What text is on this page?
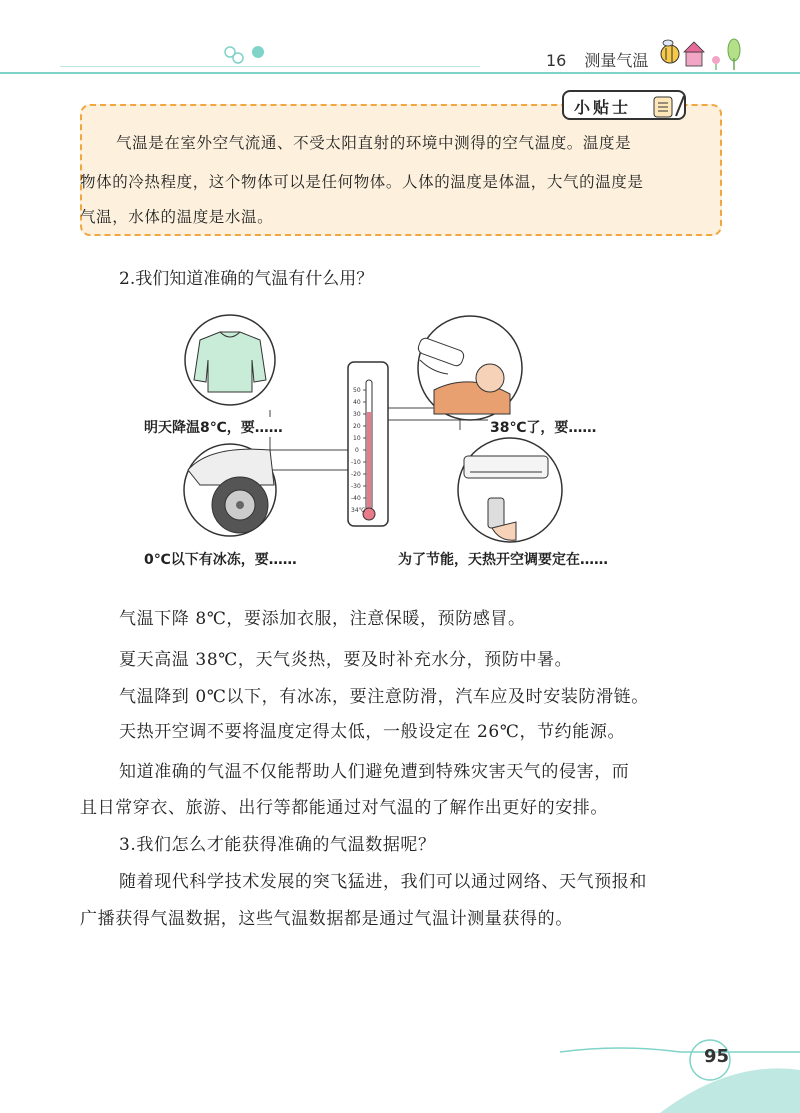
16 测量气温
小贴士
气温是在室外空气流通、不受太阳直射的环境中测得的空气温度。温度是
物体的冷热程度，这个物体可以是任何物体。人体的温度是体温，大气的温度是
气温，水体的温度是水温。
2.我们知道准确的气温有什么用？
50
40
30
20
10
0
-10
-20
-30
-40
34℃
明天降温8℃，要……	38℃了，要……
0℃以下有冰冻，要……	为了节能，天热开空调要定在……
气温下降 8℃，要添加衣服，注意保暖，预防感冒。
夏天高温 38℃，天气炎热，要及时补充水分，预防中暑。
气温降到 0℃以下，有冰冻，要注意防滑，汽车应及时安装防滑链。
天热开空调不要将温度定得太低，一般设定在 26℃，节约能源。
知道准确的气温不仅能帮助人们避免遭到特殊灾害天气的侵害，而
且日常穿衣、旅游、出行等都能通过对气温的了解作出更好的安排。
3.我们怎么才能获得准确的气温数据呢？
随着现代科学技术发展的突飞猛进，我们可以通过网络、天气预报和
广播获得气温数据，这些气温数据都是通过气温计测量获得的。
95
